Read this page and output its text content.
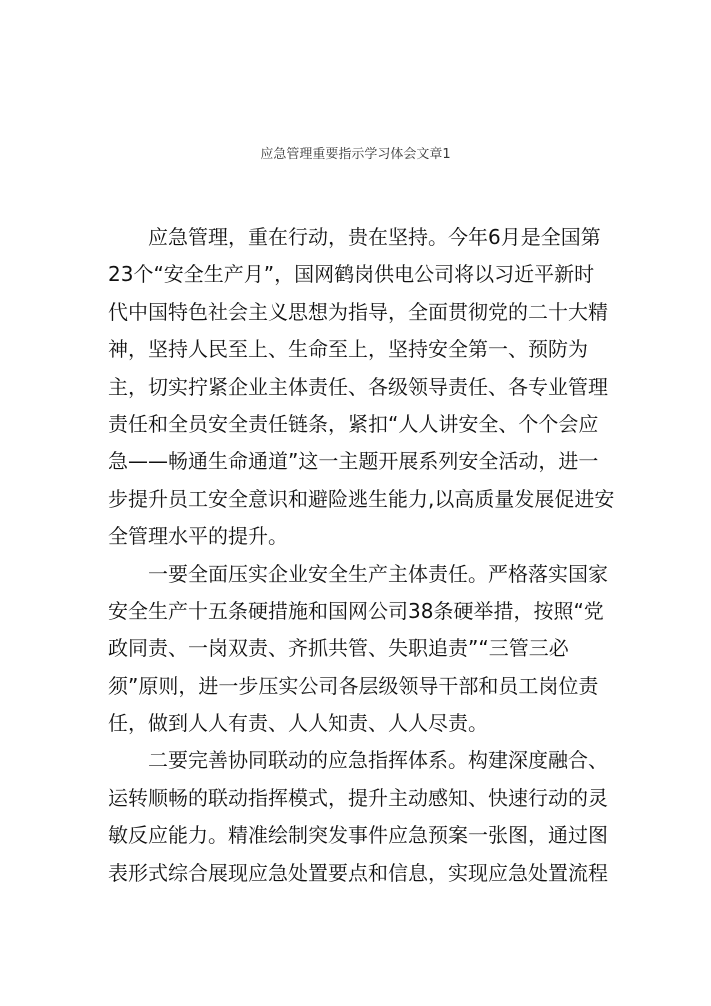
应急管理重要指示学习体会文章1
应急管理，重在行动，贵在坚持。今年6月是全国第
23个“安全生产月”，国网鹤岗供电公司将以习近平新时
代中国特色社会主义思想为指导，全面贯彻党的二十大精
神，坚持人民至上、生命至上，坚持安全第一、预防为
主，切实拧紧企业主体责任、各级领导责任、各专业管理
责任和全员安全责任链条，紧扣“人人讲安全、个个会应
急——畅通生命通道”这一主题开展系列安全活动，进一
步提升员工安全意识和避险逃生能力,以高质量发展促进安
全管理水平的提升。
一要全面压实企业安全生产主体责任。严格落实国家
安全生产十五条硬措施和国网公司38条硬举措，按照“党
政同责、一岗双责、齐抓共管、失职追责”“三管三必
须”原则，进一步压实公司各层级领导干部和员工岗位责
任，做到人人有责、人人知责、人人尽责。
二要完善协同联动的应急指挥体系。构建深度融合、
运转顺畅的联动指挥模式，提升主动感知、快速行动的灵
敏反应能力。精准绘制突发事件应急预案一张图，通过图
表形式综合展现应急处置要点和信息，实现应急处置流程
